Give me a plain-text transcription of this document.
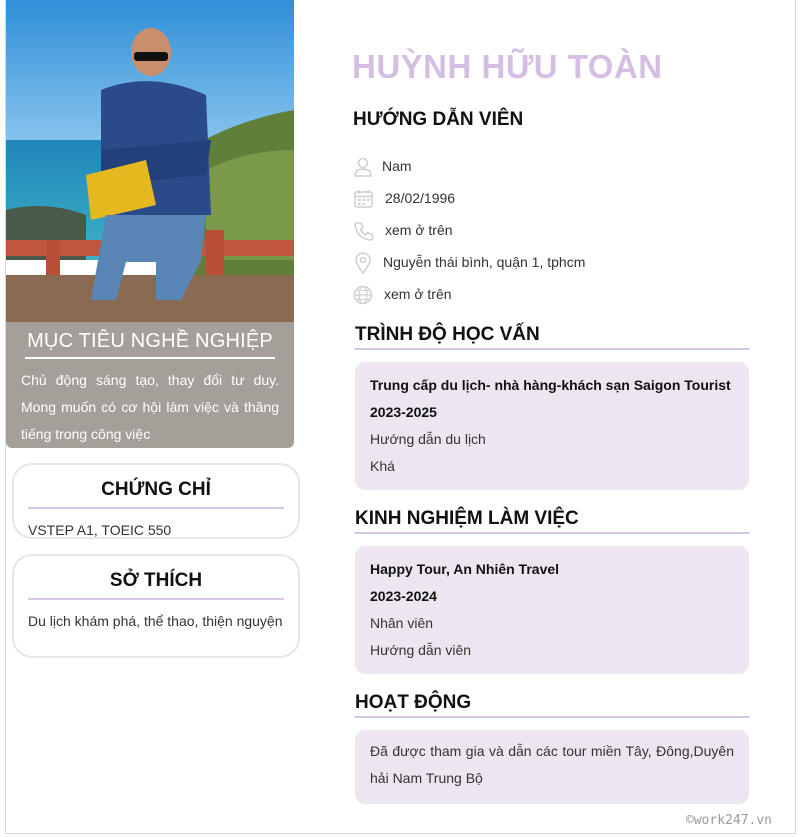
MỤC TIÊU NGHỀ NGHIỆP

Chủ động sáng tạo, thay đổi tư duy. Mong muốn có cơ hội làm việc và thăng tiếng trong công việc

CHỨNG CHỈ

VSTEP A1, TOEIC 550

SỞ THÍCH

Du lịch khám phá, thể thao, thiện nguyện

HUỲNH HỮU TOÀN
HƯỚNG DẪN VIÊN
Nam
28/02/1996
xem ở trên
Nguyễn thái bình, quận 1, tphcm
xem ở trên
TRÌNH ĐỘ HỌC VẤN
Trung cấp du lịch- nhà hàng-khách sạn Saigon Tourist
2023-2025
Hướng dẫn du lịch
Khá
KINH NGHIỆM LÀM VIỆC
Happy Tour, An Nhiên Travel
2023-2024
Nhân viên
Hướng dẫn viên
HOẠT ĐỘNG

Đã được tham gia và dẫn các tour miền Tây, Đông,Duyên hải Nam Trung Bộ

©work247.vn
